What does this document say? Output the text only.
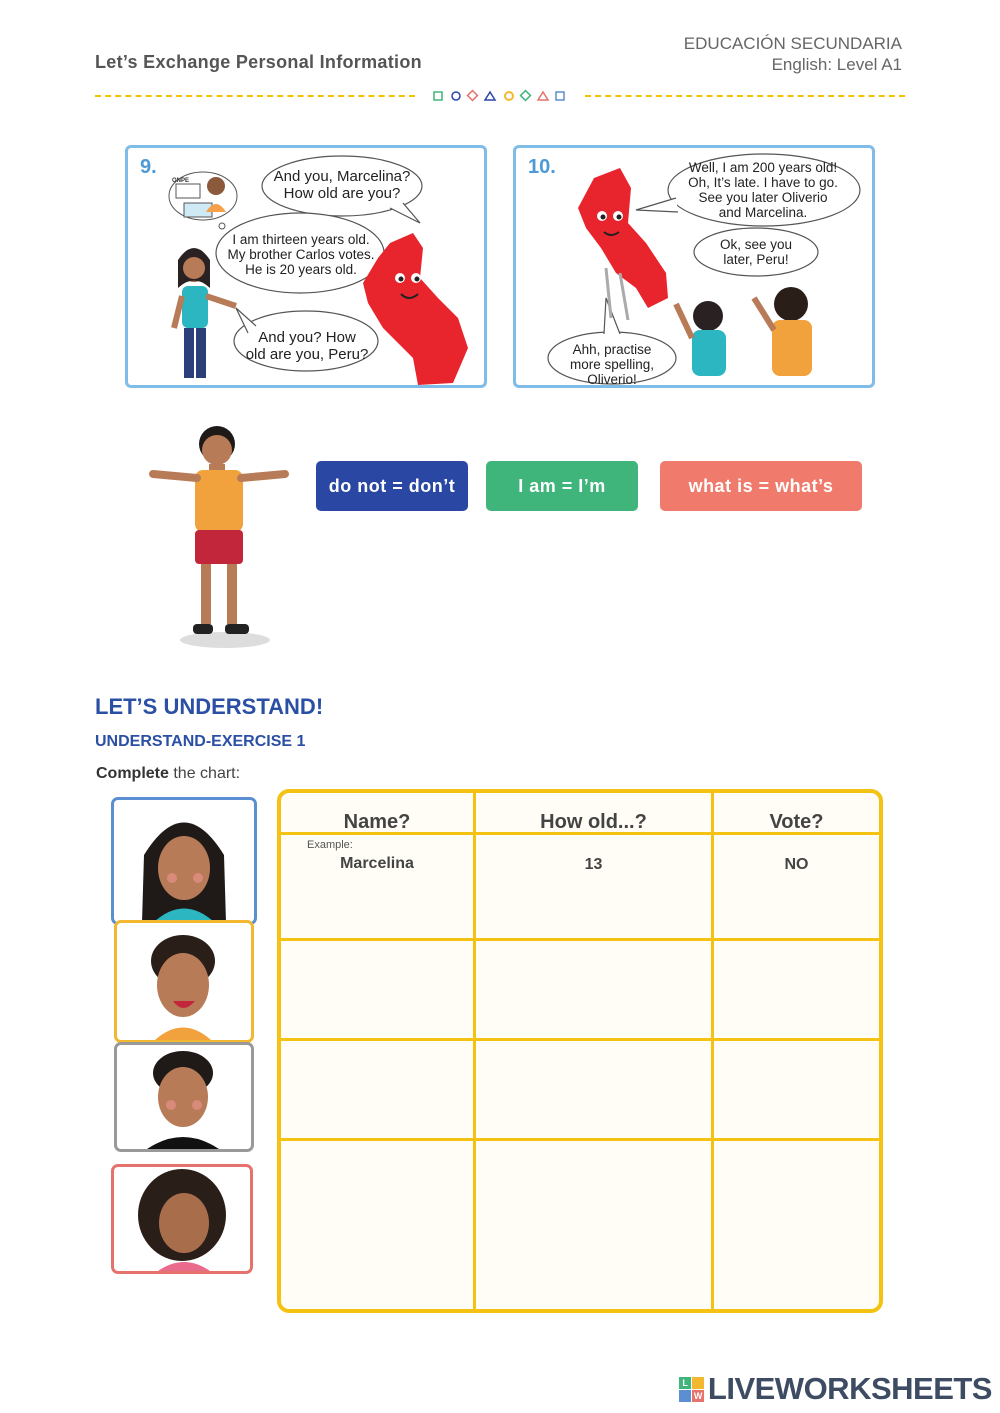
Let’s Exchange Personal Information
EDUCACIÓN SECUNDARIA
English: Level A1
9.
ONPE	And you, Marcelina?
How old are you?
I am thirteen years old.
My brother Carlos votes.
He is 20 years old.
And you? How
old are you, Peru?
10.	Well, I am 200 years old!
Oh, It’s late. I have to go.
See you later Oliverio
and Marcelina.
Ok, see you
later, Peru!
Ahh, practise
more spelling,
Oliverio!
do not = don’t	I am = I’m	what is = what’s
LET’S UNDERSTAND!
UNDERSTAND-EXERCISE 1
Complete the chart:
Name?	How old...?	Vote?
Example:
Marcelina	13	NO
L
W LIVEWORKSHEETS
